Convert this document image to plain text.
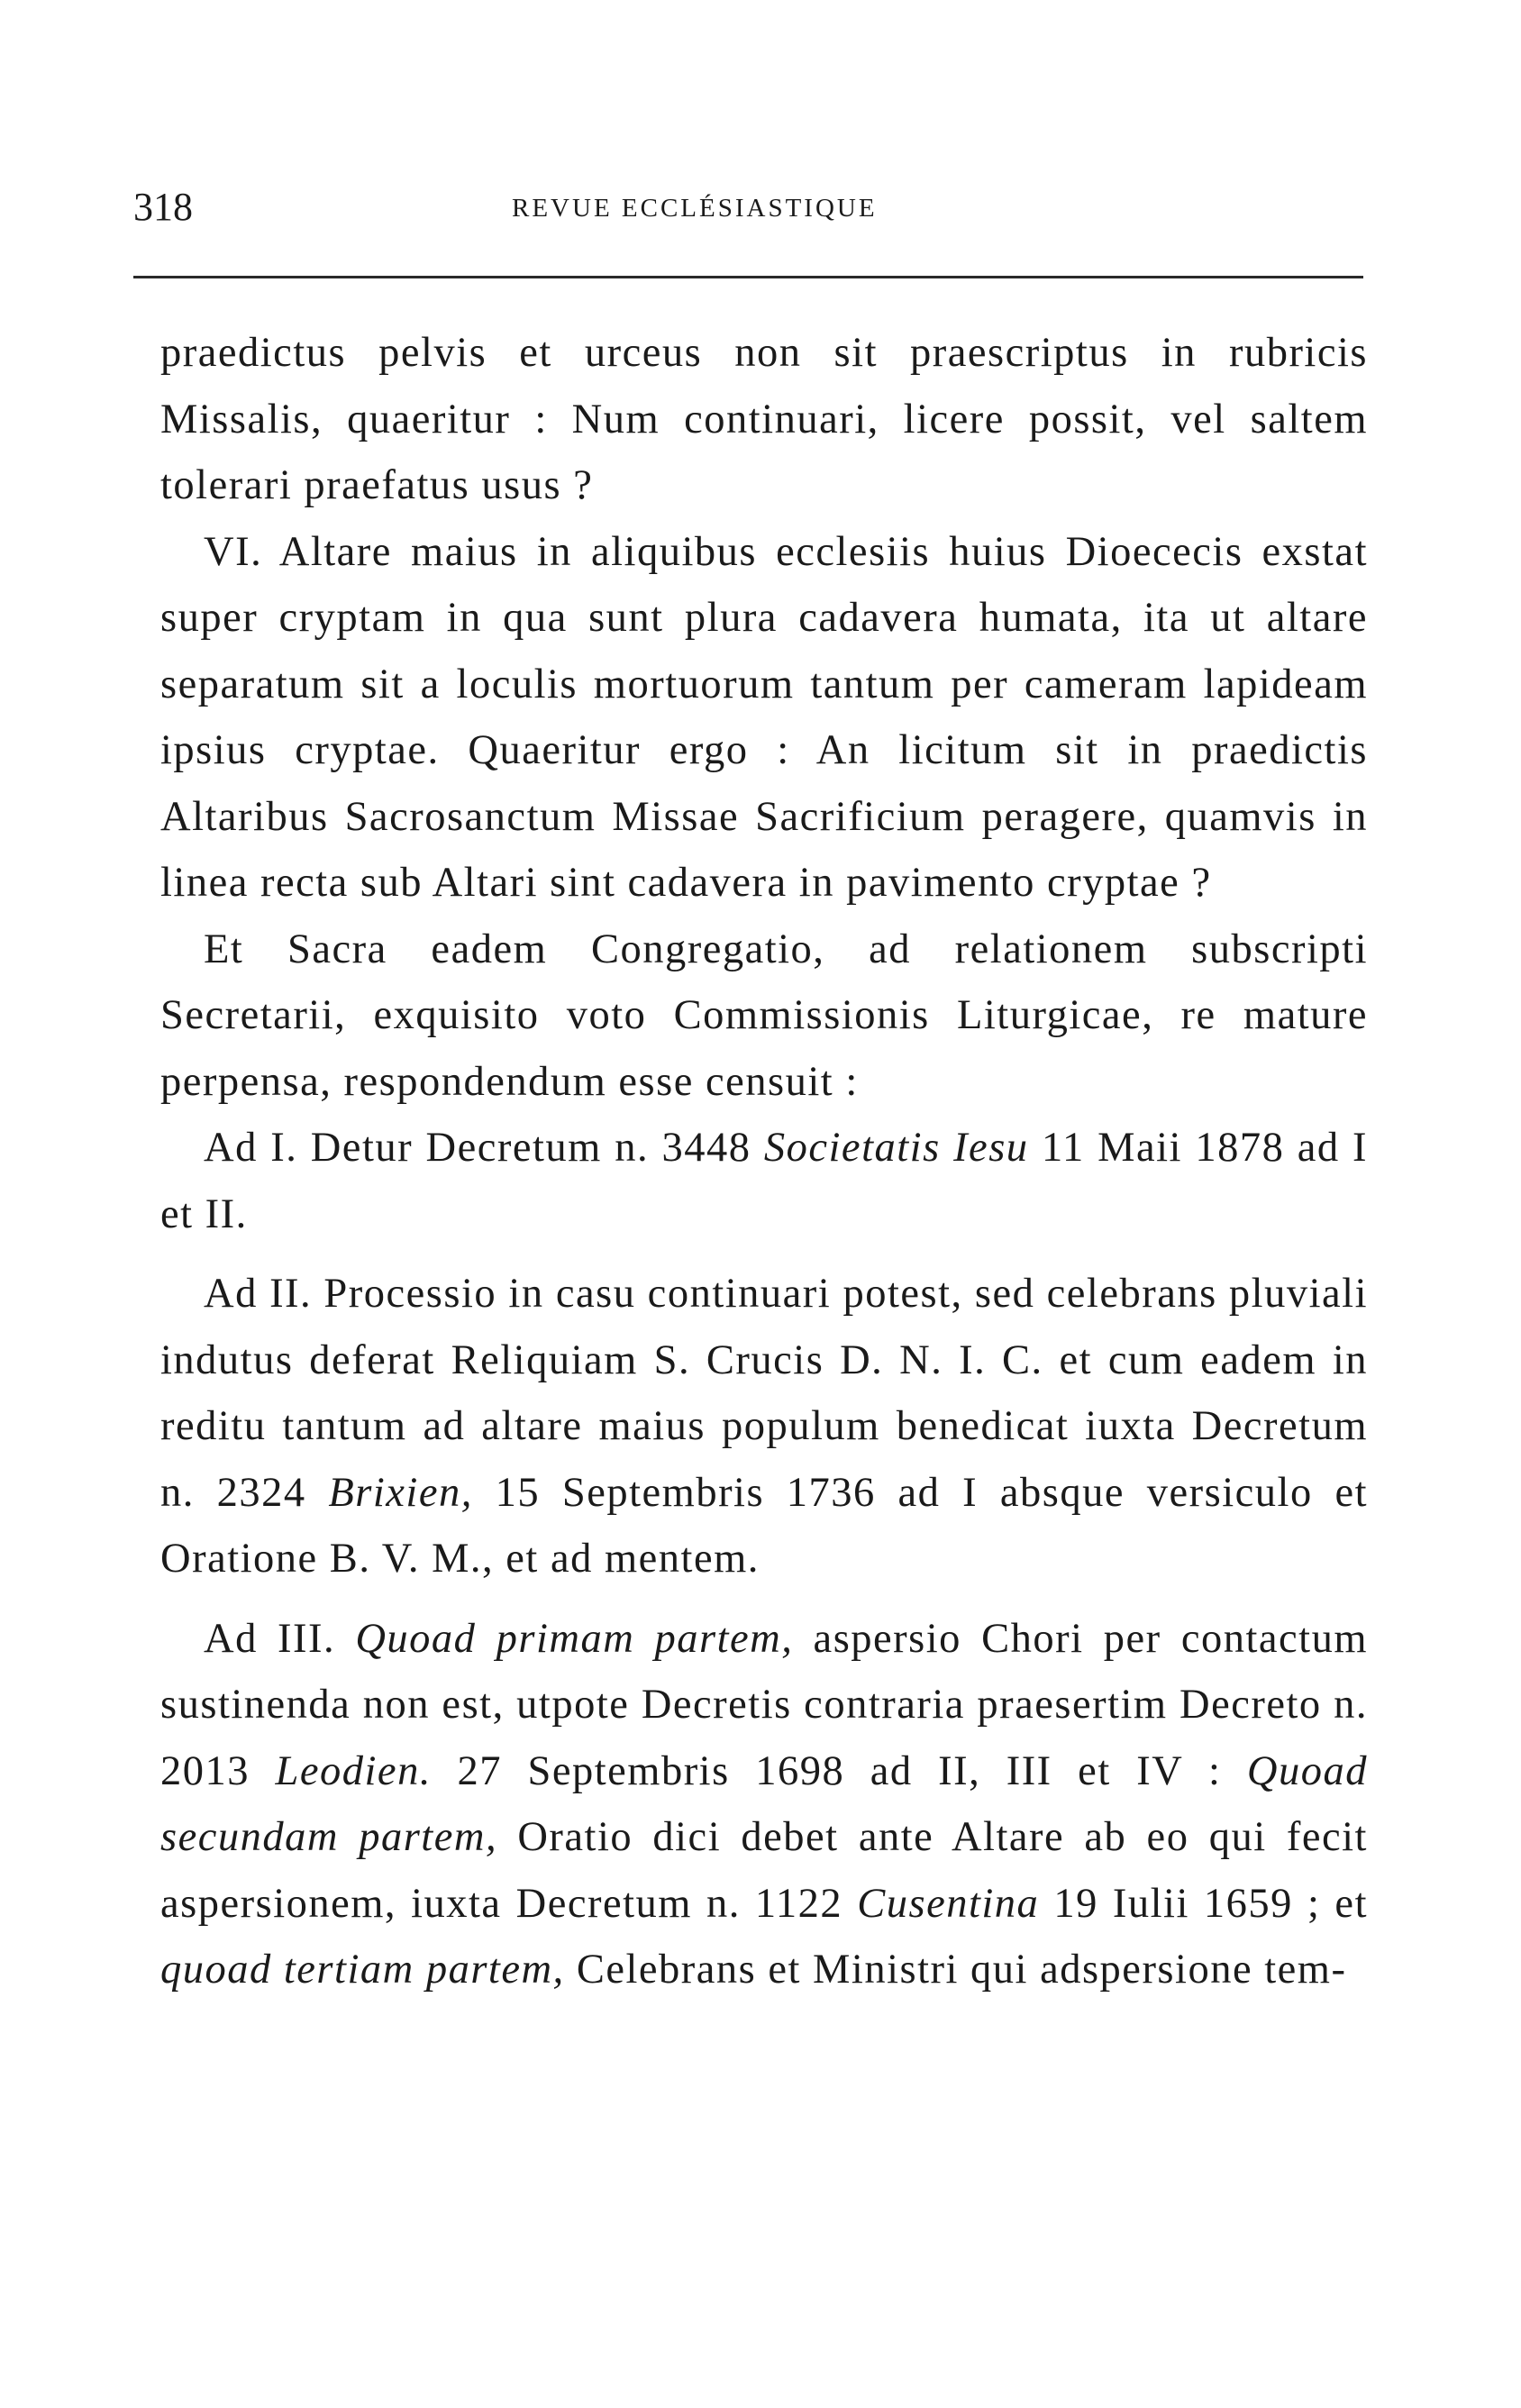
318	REVUE ECCLÉSIASTIQUE

praedictus pelvis et urceus non sit praescriptus in rubricis Missalis, quaeritur : Num continuari, licere possit, vel saltem tolerari praefatus usus ?

VI. Altare maius in aliquibus ecclesiis huius Dioececis exstat super cryptam in qua sunt plura cadavera humata, ita ut altare separatum sit a loculis mortuorum tantum per cameram lapideam ipsius cryptae. Quaeritur ergo : An licitum sit in praedictis Altaribus Sacrosanctum Missae Sacrificium peragere, quamvis in linea recta sub Altari sint cadavera in pavimento cryptae ?

Et Sacra eadem Congregatio, ad relationem subscripti Secretarii, exquisito voto Commissionis Liturgicae, re mature perpensa, respondendum esse censuit :

Ad I. Detur Decretum n. 3448 Societatis Iesu 11 Maii 1878 ad I et II.

Ad II. Processio in casu continuari potest, sed celebrans pluviali indutus deferat Reliquiam S. Crucis D. N. I. C. et cum eadem in reditu tantum ad altare maius populum benedicat iuxta Decretum n. 2324 Brixien, 15 Septembris 1736 ad I absque versiculo et Oratione B. V. M., et ad mentem.

Ad III. Quoad primam partem, aspersio Chori per contactum sustinenda non est, utpote Decretis contraria praesertim Decreto n. 2013 Leodien. 27 Septembris 1698 ad II, III et IV : Quoad secundam partem, Oratio dici debet ante Altare ab eo qui fecit aspersionem, iuxta Decretum n. 1122 Cusentina 19 Iulii 1659 ; et quoad tertiam partem, Celebrans et Ministri qui adspersione tem-
